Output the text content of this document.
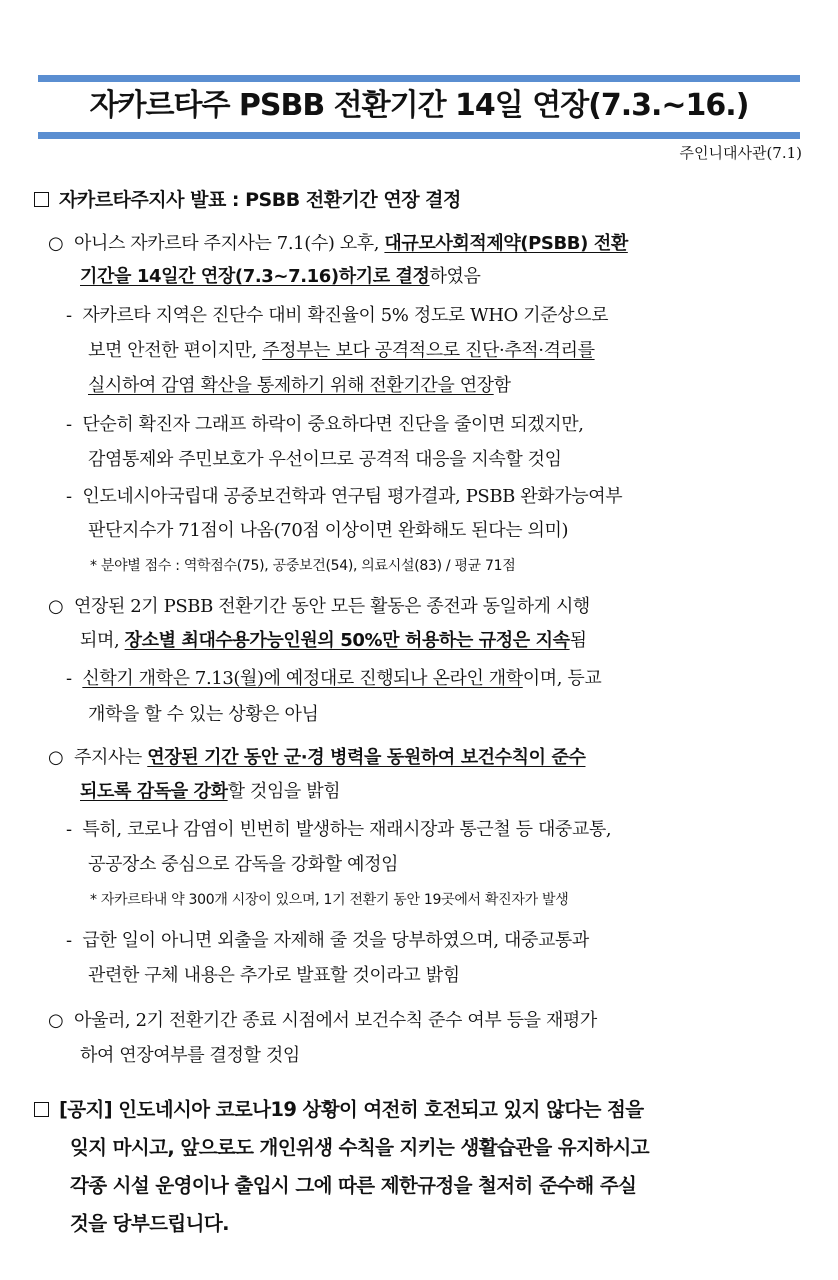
자카르타주 PSBB 전환기간 14일 연장(7.3.~16.)
주인니대사관(7.1)
자카르타주지사 발표 : PSBB 전환기간 연장 결정
○ 아니스 자카르타 주지사는 7.1(수) 오후, 대규모사회적제약(PSBB) 전환
기간을 14일간 연장(7.3∼7.16)하기로 결정하였음
- 자카르타 지역은 진단수 대비 확진율이 5% 정도로 WHO 기준상으로
보면 안전한 편이지만, 주정부는 보다 공격적으로 진단·추적·격리를
실시하여 감염 확산을 통제하기 위해 전환기간을 연장함
- 단순히 확진자 그래프 하락이 중요하다면 진단을 줄이면 되겠지만,
감염통제와 주민보호가 우선이므로 공격적 대응을 지속할 것임
- 인도네시아국립대 공중보건학과 연구팀 평가결과, PSBB 완화가능여부
판단지수가 71점이 나옴(70점 이상이면 완화해도 된다는 의미)
* 분야별 점수 : 역학점수(75), 공중보건(54), 의료시설(83) / 평균 71점
○ 연장된 2기 PSBB 전환기간 동안 모든 활동은 종전과 동일하게 시행
되며, 장소별 최대수용가능인원의 50%만 허용하는 규정은 지속됨
- 신학기 개학은 7.13(월)에 예정대로 진행되나 온라인 개학이며, 등교
개학을 할 수 있는 상황은 아님
○ 주지사는 연장된 기간 동안 군·경 병력을 동원하여 보건수칙이 준수
되도록 감독을 강화할 것임을 밝힘
- 특히, 코로나 감염이 빈번히 발생하는 재래시장과 통근철 등 대중교통,
공공장소 중심으로 감독을 강화할 예정임
* 자카르타내 약 300개 시장이 있으며, 1기 전환기 동안 19곳에서 확진자가 발생
- 급한 일이 아니면 외출을 자제해 줄 것을 당부하였으며, 대중교통과
관련한 구체 내용은 추가로 발표할 것이라고 밝힘
○ 아울러, 2기 전환기간 종료 시점에서 보건수칙 준수 여부 등을 재평가
하여 연장여부를 결정할 것임
[공지] 인도네시아 코로나19 상황이 여전히 호전되고 있지 않다는 점을
잊지 마시고, 앞으로도 개인위생 수칙을 지키는 생활습관을 유지하시고
각종 시설 운영이나 출입시 그에 따른 제한규정을 철저히 준수해 주실
것을 당부드립니다.
